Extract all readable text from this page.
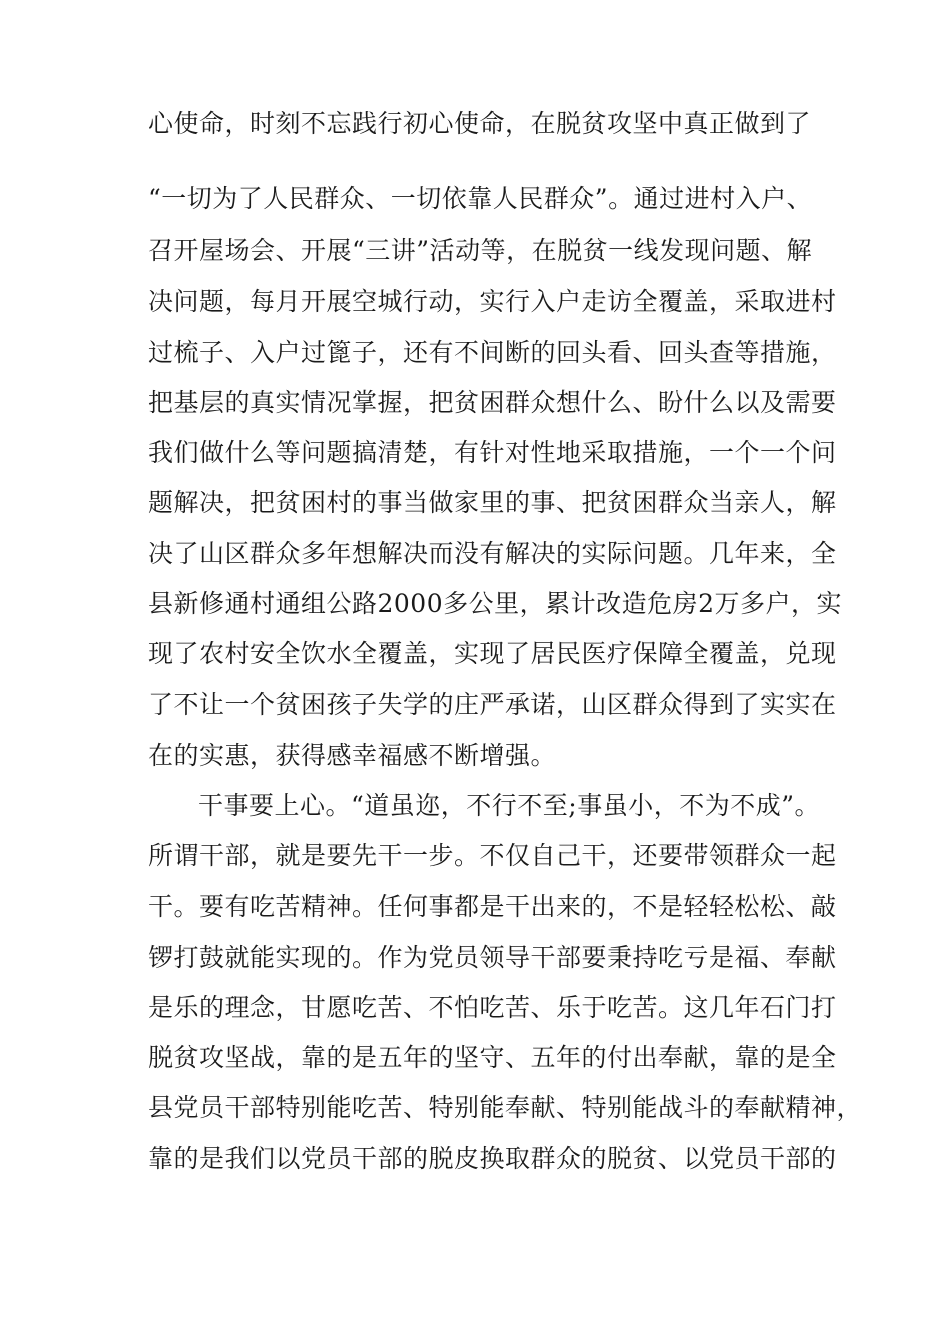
心使命，时刻不忘践行初心使命，在脱贫攻坚中真正做到了
“一切为了人民群众、一切依靠人民群众”。通过进村入户、
召开屋场会、开展“三讲”活动等，在脱贫一线发现问题、解
决问题，每月开展空城行动，实行入户走访全覆盖，采取进村
过梳子、入户过篦子，还有不间断的回头看、回头查等措施，
把基层的真实情况掌握，把贫困群众想什么、盼什么以及需要
我们做什么等问题搞清楚，有针对性地采取措施，一个一个问
题解决，把贫困村的事当做家里的事、把贫困群众当亲人，解
决了山区群众多年想解决而没有解决的实际问题。几年来，全
县新修通村通组公路2000多公里，累计改造危房2万多户，实
现了农村安全饮水全覆盖，实现了居民医疗保障全覆盖，兑现
了不让一个贫困孩子失学的庄严承诺，山区群众得到了实实在
在的实惠，获得感幸福感不断增强。
干事要上心。“道虽迩，不行不至;事虽小，不为不成”。
所谓干部，就是要先干一步。不仅自己干，还要带领群众一起
干。要有吃苦精神。任何事都是干出来的，不是轻轻松松、敲
锣打鼓就能实现的。作为党员领导干部要秉持吃亏是福、奉献
是乐的理念，甘愿吃苦、不怕吃苦、乐于吃苦。这几年石门打
脱贫攻坚战，靠的是五年的坚守、五年的付出奉献，靠的是全
县党员干部特别能吃苦、特别能奉献、特别能战斗的奉献精神，
靠的是我们以党员干部的脱皮换取群众的脱贫、以党员干部的
